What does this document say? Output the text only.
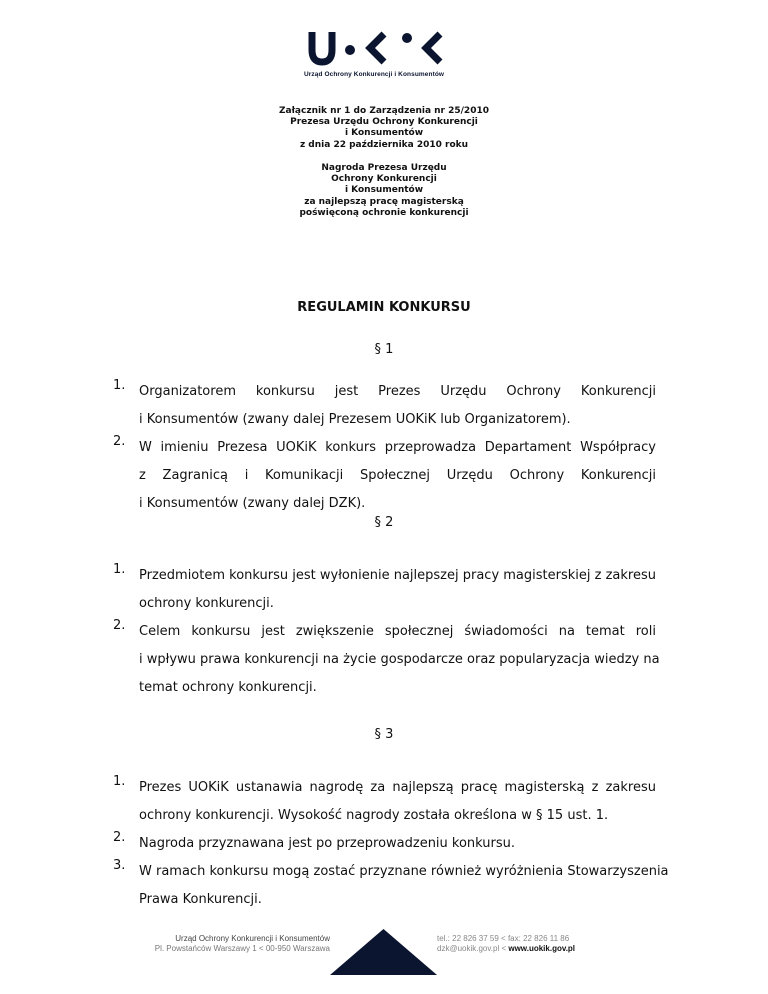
Urząd Ochrony Konkurencji i Konsumentów
Załącznik nr 1 do Zarządzenia nr 25/2010
Prezesa Urzędu Ochrony Konkurencji
i Konsumentów
z dnia 22 października 2010 roku
Nagroda Prezesa Urzędu
Ochrony Konkurencji
i Konsumentów
za najlepszą pracę magisterską
poświęconą ochronie konkurencji
REGULAMIN KONKURSU
§ 1
1. Organizatorem konkursu jest Prezes Urzędu Ochrony Konkurencji
i Konsumentów (zwany dalej Prezesem UOKiK lub Organizatorem).
2. W imieniu Prezesa UOKiK konkurs przeprowadza Departament Współpracy
z Zagranicą i Komunikacji Społecznej Urzędu Ochrony Konkurencji
i Konsumentów (zwany dalej DZK).
§ 2
1. Przedmiotem konkursu jest wyłonienie najlepszej pracy magisterskiej z zakresu
ochrony konkurencji.
2. Celem konkursu jest zwiększenie społecznej świadomości na temat roli
i wpływu prawa konkurencji na życie gospodarcze oraz popularyzacja wiedzy na
temat ochrony konkurencji.
§ 3
1. Prezes UOKiK ustanawia nagrodę za najlepszą pracę magisterską z zakresu
ochrony konkurencji. Wysokość nagrody została określona w § 15 ust. 1.
2. Nagroda przyznawana jest po przeprowadzeniu konkursu.
3. W ramach konkursu mogą zostać przyznane również wyróżnienia Stowarzyszenia
Prawa Konkurencji.
Urząd Ochrony Konkurencji i Konsumentów
Pl. Powstańców Warszawy 1 < 00-950 Warszawa
tel.: 22 826 37 59 < fax: 22 826 11 86
dzk@uokik.gov.pl < www.uokik.gov.pl
